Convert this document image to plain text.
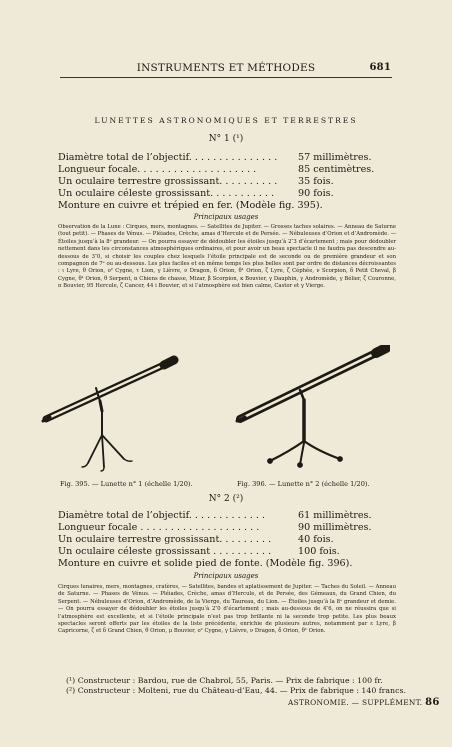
INSTRUMENTS ET MÉTHODES	681
LUNETTES ASTRONOMIQUES ET TERRESTRES
N° 1 (¹)
Diamètre total de l’objectif. . . . . . . . . . . . . . . 57 millimètres.
Longueur focale. . . . . . . . . . . . . . . . . . . .	85 centimètres.
Un oculaire terrestre grossissant. . . . . . . . . . 35 fois.
Un oculaire céleste grossissant. . . . . . . . . . . 90 fois.
Monture en cuivre et trépied en fer. (Modèle fig. 395).
Principaux usages

Observation de la Lune : Cirques, mers, montagnes. — Satellites de Jupiter. — Grosses taches solaires. — Anneau de Saturne (tout petit). — Phases de Vénus. — Pléiades, Crèche, amas d’Hercule et de Persée. — Nébuleuses d’Orion et d’Andromède. — Étoiles jusqu’à la 8ᵉ grandeur. — On pourra essayer de dédoubler les étoiles jusqu’à 2″3 d’écartement ; mais pour dédoubler nettement dans les circonstances atmosphériques ordinaires, et pour avoir un beau spectacle il ne faudra pas descendre au-dessous de 3″0, si choisir les couples chez lesquels l’étoile principale est de seconde ou de première grandeur et son compagnon de 7ᵉ ou au-dessous. Les plus faciles et en même temps les plus belles sont par ordre de distances décroissantes : ι Lyre, θ Orion, o² Cygne, τ Lion, γ Lièvre, ν Dragon, δ Orion, θ¹ Orion, ζ Lyre, ζ Céphée, ν Scorpion, δ Petit Cheval, β Cygne, θ¹ Orion, θ Serpent, α Chiens de chasse, Mizar, β Scorpion, κ Bouvier, γ Dauphin, γ Andromède, γ Bélier, ζ Couronne, π Bouvier, 95 Hercule, ζ Cancer, 44 i Bouvier, et si l’atmosphère est bien calme, Castor et γ Vierge.

Fig. 395. — Lunette n° 1 (échelle 1/20).	Fig. 396. — Lunette n° 2 (échelle 1/20).
N° 2 (²)
Diamètre total de l’objectif. . . . . . . . . . . . .	61 millimètres.
Longueur focale . . . . . . . . . . . . . . . . . . . .	90 millimètres.
Un oculaire terrestre grossissant. . . . . . . . .	40 fois.
Un oculaire céleste grossissant . . . . . . . . . .	100 fois.
Monture en cuivre et solide pied de fonte. (Modèle fig. 396).
Principaux usages

Cirques lunaires, mers, montagnes, cratères, — Satellites, bandes et aplatissement de Jupiter. — Taches du Soleil. — Anneau de Saturne. — Phases de Vénus. — Pléiades, Crèche, amas d’Hercule, et de Persée, des Gémeaux, du Grand Chien, du Serpent. — Nébuleuses d’Orion, d’Andromède, de la Vierge, du Taureau, du Lion. — Étoiles jusqu’à la 8ᵉ grandeur et demie. — On pourra essayer de dédoubler les étoiles jusqu’à 2″0 d’écartement ; mais au-dessous de 4″6, on ne réussira que si l’atmosphère est excellente, et si l’étoile principale n’est pas trop brillante ni la seconde trop petite. Les plus beaux spectacles seront offerts par les étoiles de la liste précédente, enrichie de plusieurs autres, notamment par ε Lyre, β Capricorne, ζ et δ Grand Chien, θ Orion, μ Bouvier, o² Cygne, γ Lièvre, ν Dragon, δ Orion, θ¹ Orion.

(¹) Constructeur : Bardou, rue de Chabrol, 55, Paris. — Prix de fabrique : 100 fr.
(²) Constructeur : Molteni, rue du Château-d’Eau, 44. — Prix de fabrique : 140 francs.
ASTRONOMIE. — SUPPLÉMENT. 86
